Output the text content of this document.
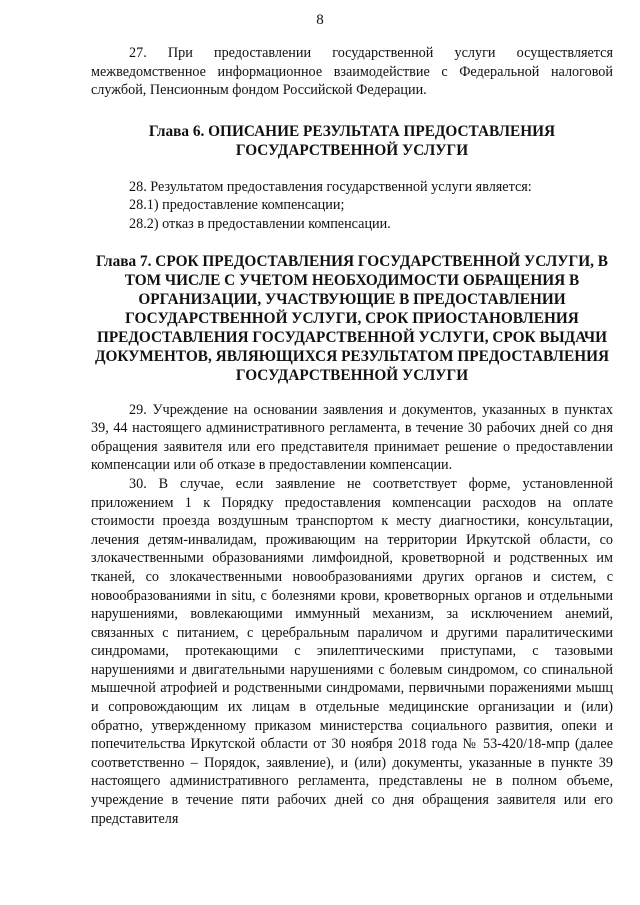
8

27. При предоставлении государственной услуги осуществляется межведомственное информационное взаимодействие с Федеральной налоговой службой, Пенсионным фондом Российской Федерации.

Глава 6. ОПИСАНИЕ РЕЗУЛЬТАТА ПРЕДОСТАВЛЕНИЯ ГОСУДАРСТВЕННОЙ УСЛУГИ

28. Результатом предоставления государственной услуги является:

28.1) предоставление компенсации;

28.2) отказ в предоставлении компенсации.

Глава 7. СРОК ПРЕДОСТАВЛЕНИЯ ГОСУДАРСТВЕННОЙ УСЛУГИ, В ТОМ ЧИСЛЕ С УЧЕТОМ НЕОБХОДИМОСТИ ОБРАЩЕНИЯ В ОРГАНИЗАЦИИ, УЧАСТВУЮЩИЕ В ПРЕДОСТАВЛЕНИИ ГОСУДАРСТВЕННОЙ УСЛУГИ, СРОК ПРИОСТАНОВЛЕНИЯ ПРЕДОСТАВЛЕНИЯ ГОСУДАРСТВЕННОЙ УСЛУГИ, СРОК ВЫДАЧИ ДОКУМЕНТОВ, ЯВЛЯЮЩИХСЯ РЕЗУЛЬТАТОМ ПРЕДОСТАВЛЕНИЯ ГОСУДАРСТВЕННОЙ УСЛУГИ

29. Учреждение на основании заявления и документов, указанных в пунктах 39, 44 настоящего административного регламента, в течение 30 рабочих дней со дня обращения заявителя или его представителя принимает решение о предоставлении компенсации или об отказе в предоставлении компенсации.

30. В случае, если заявление не соответствует форме, установленной приложением 1 к Порядку предоставления компенсации расходов на оплате стоимости проезда воздушным транспортом к месту диагностики, консультации, лечения детям-инвалидам, проживающим на территории Иркутской области, со злокачественными образованиями лимфоидной, кроветворной и родственных им тканей, со злокачественными новообразованиями других органов и систем, с новообразованиями in situ, с болезнями крови, кроветворных органов и отдельными нарушениями, вовлекающими иммунный механизм, за исключением анемий, связанных с питанием, с церебральным параличом и другими паралитическими синдромами, протекающими с эпилептическими приступами, с тазовыми нарушениями и двигательными нарушениями с болевым синдромом, со спинальной мышечной атрофией и родственными синдромами, первичными поражениями мышц и сопровождающим их лицам в отдельные медицинские организации и (или) обратно, утвержденному приказом министерства социального развития, опеки и попечительства Иркутской области от 30 ноября 2018 года № 53-420/18-мпр (далее соответственно – Порядок, заявление), и (или) документы, указанные в пункте 39 настоящего административного регламента, представлены не в полном объеме, учреждение в течение пяти рабочих дней со дня обращения заявителя или его представителя
